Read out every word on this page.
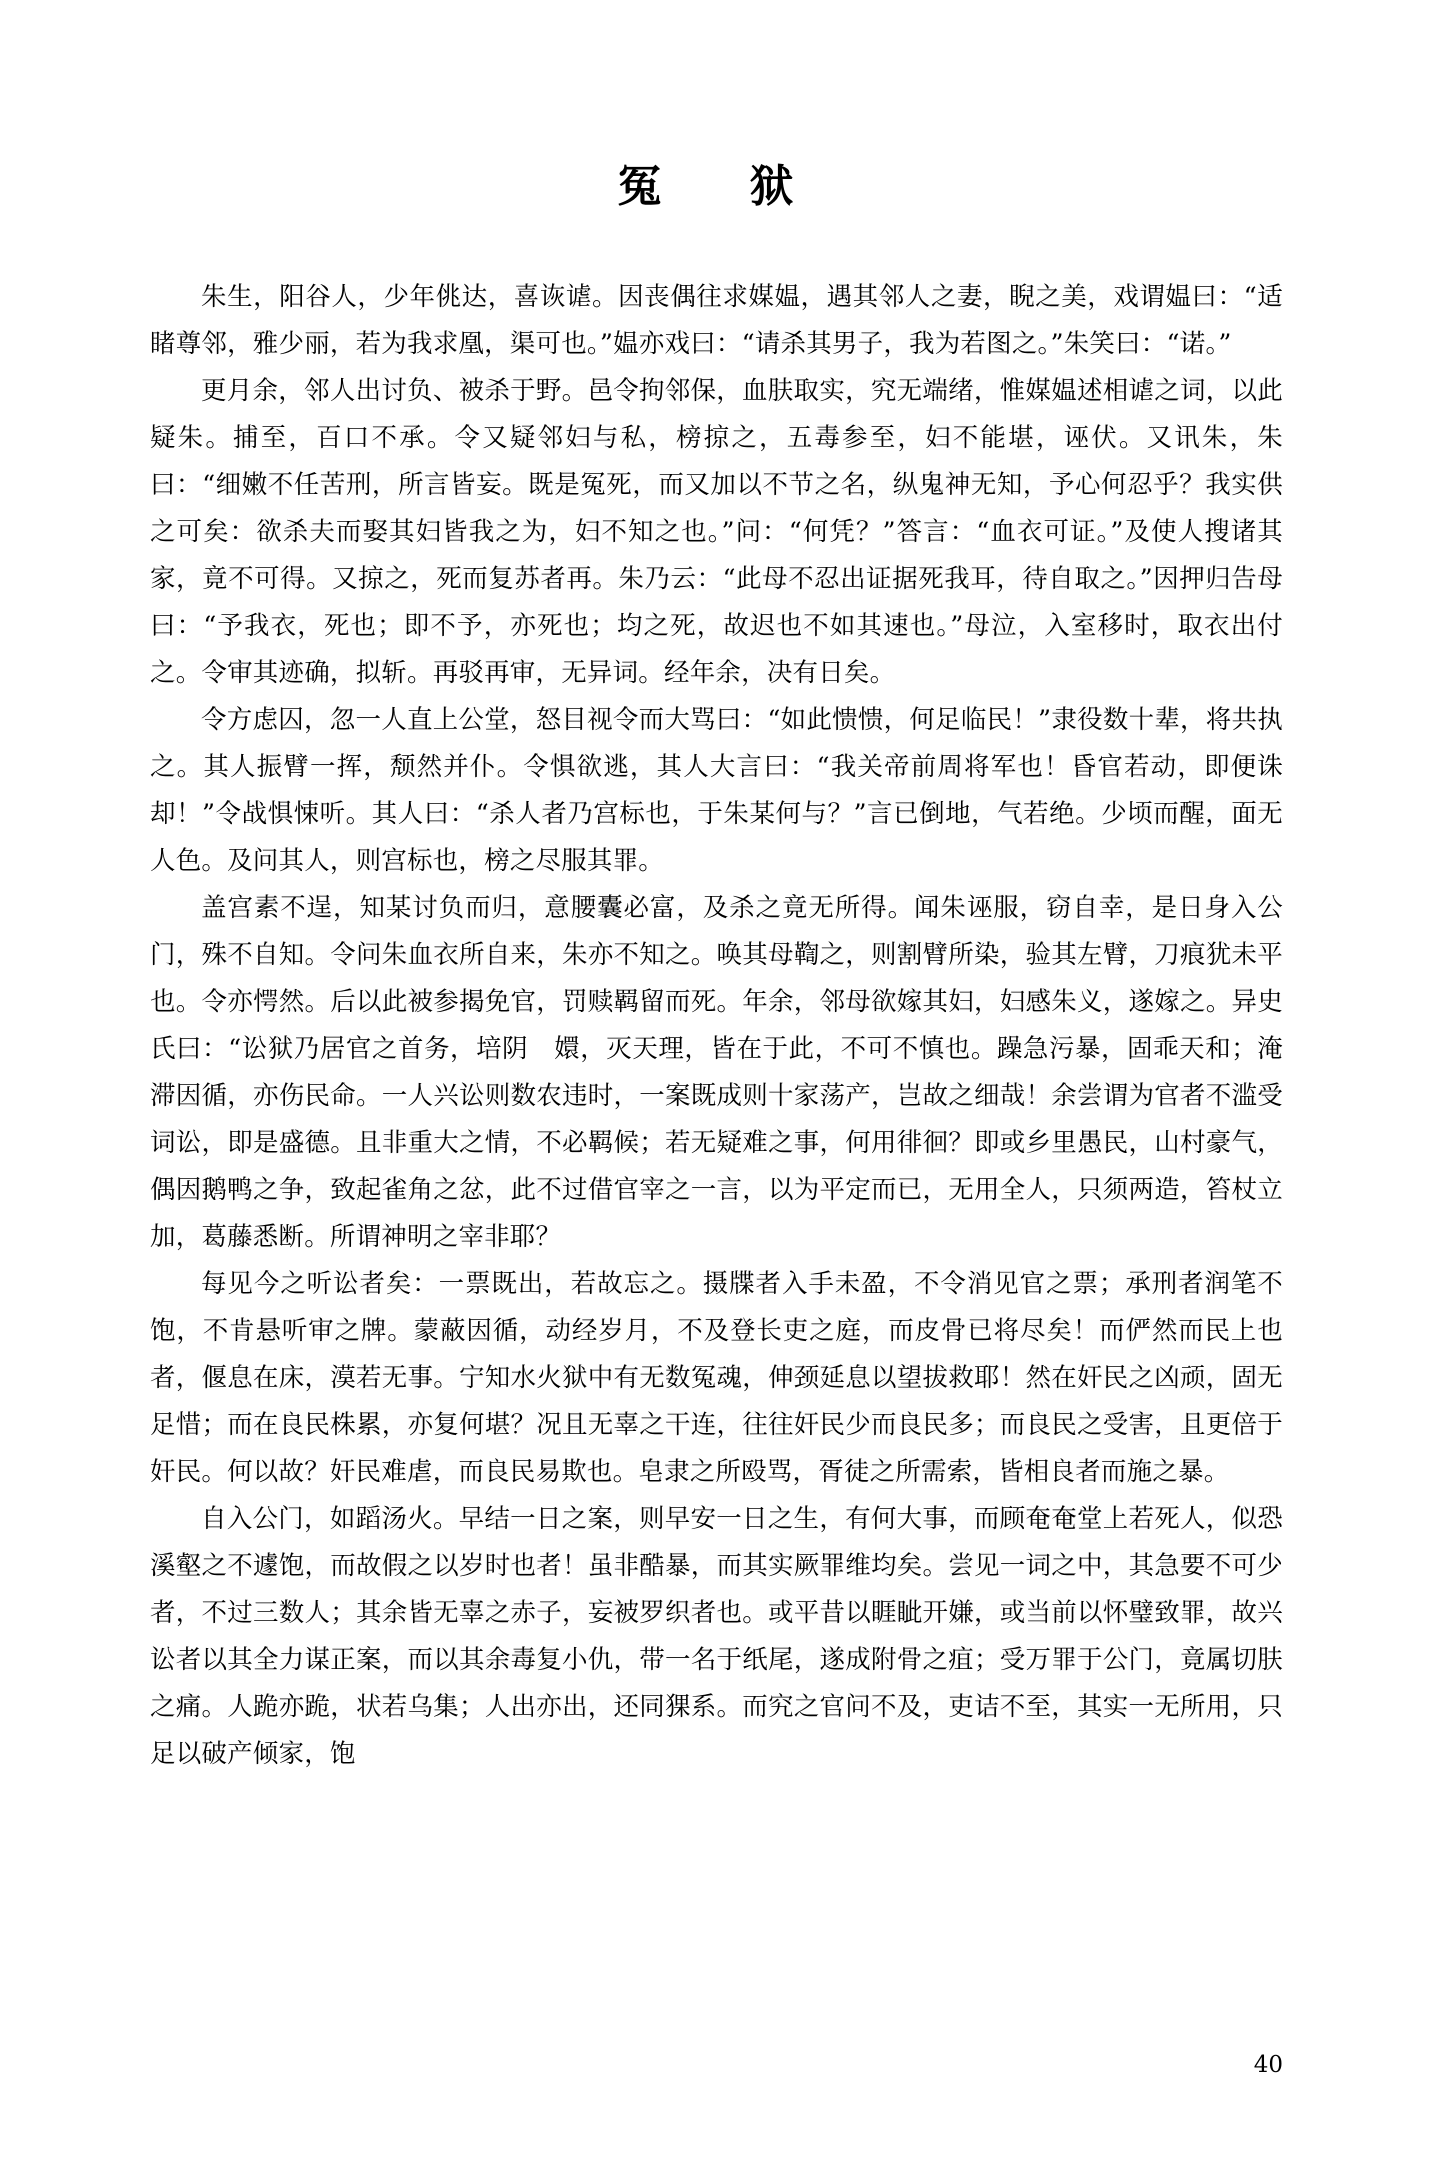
冤　狱

朱生，阳谷人，少年佻达，喜诙谑。因丧偶往求媒媪，遇其邻人之妻，睨之美，戏谓媪曰：“适睹尊邻，雅少丽，若为我求凰，渠可也。”媪亦戏曰：“请杀其男子，我为若图之。”朱笑曰：“诺。”

更月余，邻人出讨负、被杀于野。邑令拘邻保，血肤取实，究无端绪，惟媒媪述相谑之词，以此疑朱。捕至，百口不承。令又疑邻妇与私，榜掠之，五毒参至，妇不能堪，诬伏。又讯朱，朱曰：“细嫩不任苦刑，所言皆妄。既是冤死，而又加以不节之名，纵鬼神无知，予心何忍乎？我实供之可矣：欲杀夫而娶其妇皆我之为，妇不知之也。”问：“何凭？”答言：“血衣可证。”及使人搜诸其家，竟不可得。又掠之，死而复苏者再。朱乃云：“此母不忍出证据死我耳，待自取之。”因押归告母曰：“予我衣，死也；即不予，亦死也；均之死，故迟也不如其速也。”母泣，入室移时，取衣出付之。令审其迹确，拟斩。再驳再审，无异词。经年余，决有日矣。

令方虑囚，忽一人直上公堂，怒目视令而大骂曰：“如此愦愦，何足临民！”隶役数十辈，将共执之。其人振臂一挥，颓然并仆。令惧欲逃，其人大言曰：“我关帝前周将军也！昏官若动，即便诛却！”令战惧悚听。其人曰：“杀人者乃宫标也，于朱某何与？”言已倒地，气若绝。少顷而醒，面无人色。及问其人，则宫标也，榜之尽服其罪。

盖宫素不逞，知某讨负而归，意腰囊必富，及杀之竟无所得。闻朱诬服，窃自幸，是日身入公门，殊不自知。令问朱血衣所自来，朱亦不知之。唤其母鞫之，则割臂所染，验其左臂，刀痕犹未平也。令亦愕然。后以此被参揭免官，罚赎羁留而死。年余，邻母欲嫁其妇，妇感朱义，遂嫁之。异史氏曰：“讼狱乃居官之首务，培阴　嬛，灭天理，皆在于此，不可不慎也。躁急污暴，固乖天和；淹滞因循，亦伤民命。一人兴讼则数农违时，一案既成则十家荡产，岂故之细哉！余尝谓为官者不滥受词讼，即是盛德。且非重大之情，不必羁候；若无疑难之事，何用徘徊？即或乡里愚民，山村豪气，偶因鹅鸭之争，致起雀角之忿，此不过借官宰之一言，以为平定而已，无用全人，只须两造，笞杖立加，葛藤悉断。所谓神明之宰非耶？

每见今之听讼者矣：一票既出，若故忘之。摄牒者入手未盈，不令消见官之票；承刑者润笔不饱，不肯悬听审之牌。蒙蔽因循，动经岁月，不及登长吏之庭，而皮骨已将尽矣！而俨然而民上也者，偃息在床，漠若无事。宁知水火狱中有无数冤魂，伸颈延息以望拔救耶！然在奸民之凶顽，固无足惜；而在良民株累，亦复何堪？况且无辜之干连，往往奸民少而良民多；而良民之受害，且更倍于奸民。何以故？奸民难虐，而良民易欺也。皂隶之所殴骂，胥徒之所需索，皆相良者而施之暴。

自入公门，如蹈汤火。早结一日之案，则早安一日之生，有何大事，而顾奄奄堂上若死人，似恐溪壑之不遽饱，而故假之以岁时也者！虽非酷暴，而其实厥罪维均矣。尝见一词之中，其急要不可少者，不过三数人；其余皆无辜之赤子，妄被罗织者也。或平昔以睚眦开嫌，或当前以怀璧致罪，故兴讼者以其全力谋正案，而以其余毒复小仇，带一名于纸尾，遂成附骨之疽；受万罪于公门，竟属切肤之痛。人跪亦跪，状若乌集；人出亦出，还同猓系。而究之官问不及，吏诘不至，其实一无所用，只足以破产倾家，饱

40
